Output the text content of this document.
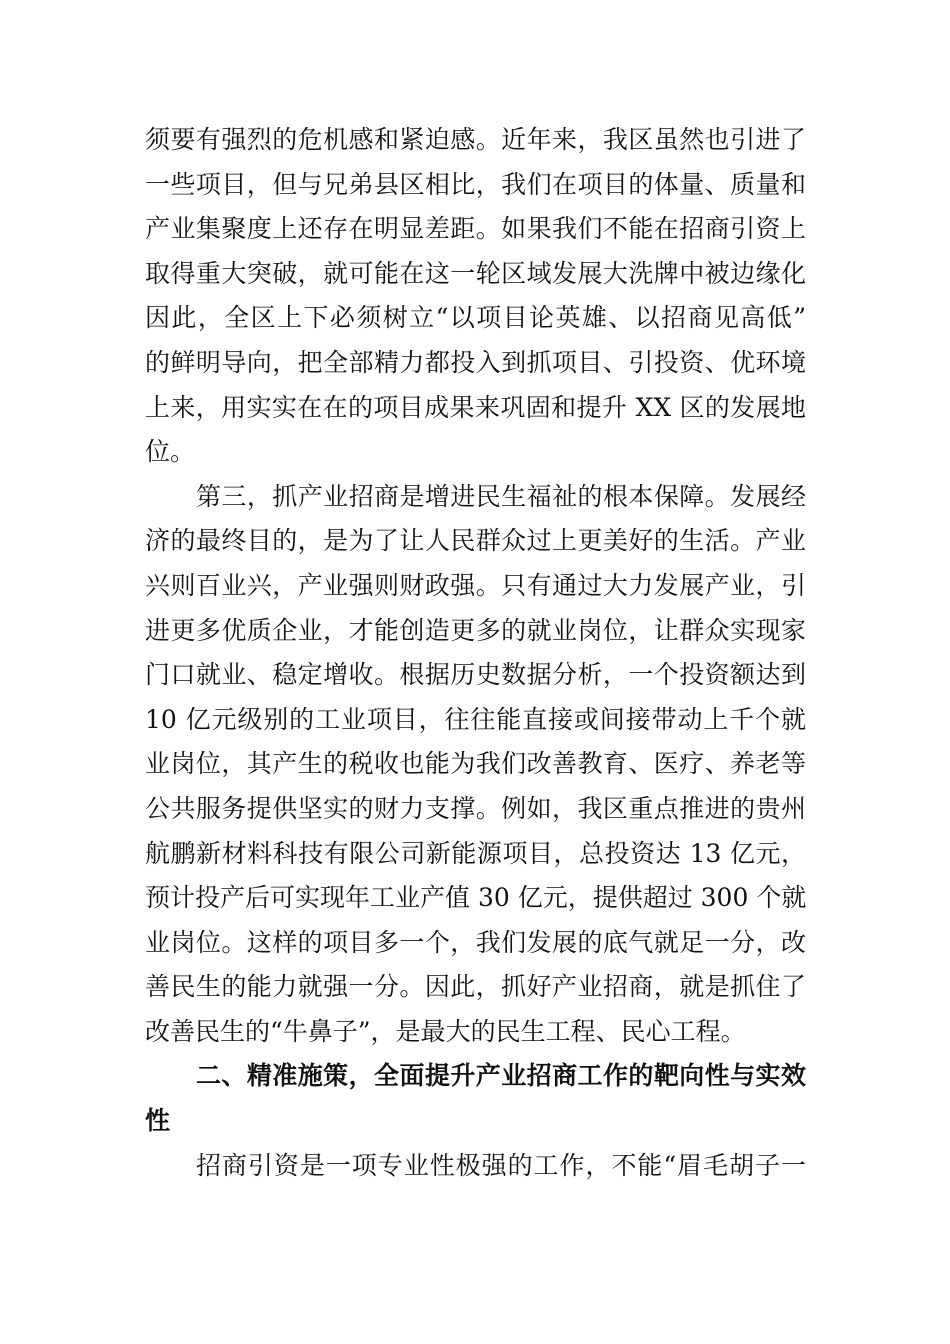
须要有强烈的危机感和紧迫感。近年来，我区虽然也引进了
一些项目，但与兄弟县区相比，我们在项目的体量、质量和
产业集聚度上还存在明显差距。如果我们不能在招商引资上
取得重大突破，就可能在这一轮区域发展大洗牌中被边缘化
因此，全区上下必须树立“以项目论英雄、以招商见高低”
的鲜明导向，把全部精力都投入到抓项目、引投资、优环境
上来，用实实在在的项目成果来巩固和提升 XX 区的发展地
位。
第三，抓产业招商是增进民生福祉的根本保障。发展经
济的最终目的，是为了让人民群众过上更美好的生活。产业
兴则百业兴，产业强则财政强。只有通过大力发展产业，引
进更多优质企业，才能创造更多的就业岗位，让群众实现家
门口就业、稳定增收。根据历史数据分析，一个投资额达到
10 亿元级别的工业项目，往往能直接或间接带动上千个就
业岗位，其产生的税收也能为我们改善教育、医疗、养老等
公共服务提供坚实的财力支撑。例如，我区重点推进的贵州
航鹏新材料科技有限公司新能源项目，总投资达 13 亿元，
预计投产后可实现年工业产值 30 亿元，提供超过 300 个就
业岗位。这样的项目多一个，我们发展的底气就足一分，改
善民生的能力就强一分。因此，抓好产业招商，就是抓住了
改善民生的“牛鼻子”，是最大的民生工程、民心工程。
二、精准施策，全面提升产业招商工作的靶向性与实效
性
招商引资是一项专业性极强的工作，不能“眉毛胡子一
